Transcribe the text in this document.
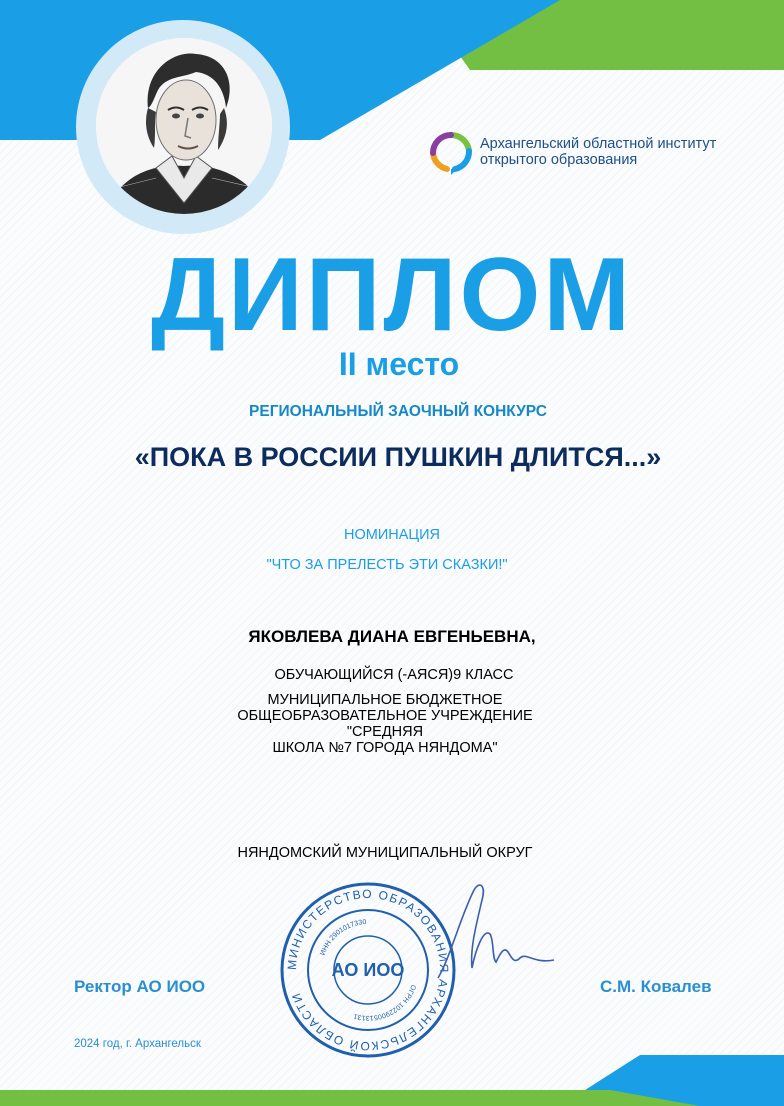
Архангельский областной институт
открытого образования
ДИПЛОМ
II место
РЕГИОНАЛЬНЫЙ ЗАОЧНЫЙ КОНКУРС
«ПОКА В РОССИИ ПУШКИН ДЛИТСЯ...»
НОМИНАЦИЯ
"ЧТО ЗА ПРЕЛЕСТЬ ЭТИ СКАЗКИ!"
ЯКОВЛЕВА ДИАНА ЕВГЕНЬЕВНА,
ОБУЧАЮЩИЙСЯ (-АЯСЯ)9 КЛАСС
МУНИЦИПАЛЬНОЕ БЮДЖЕТНОЕ
ОБЩЕОБРАЗОВАТЕЛЬНОЕ УЧРЕЖДЕНИЕ "СРЕДНЯЯ
ШКОЛА №7 ГОРОДА НЯНДОМА"
НЯНДОМСКИЙ МУНИЦИПАЛЬНЫЙ ОКРУГ
МИНИСТЕРСТВО ОБРАЗОВАНИЯ АРХАНГЕЛЬСКОЙ ОБЛАСТИ
ИНН 2901017330
ОГРН 1022900513131
АО ИОО
Ректор АО ИОО	С.М. Ковалев
2024 год, г. Архангельск
